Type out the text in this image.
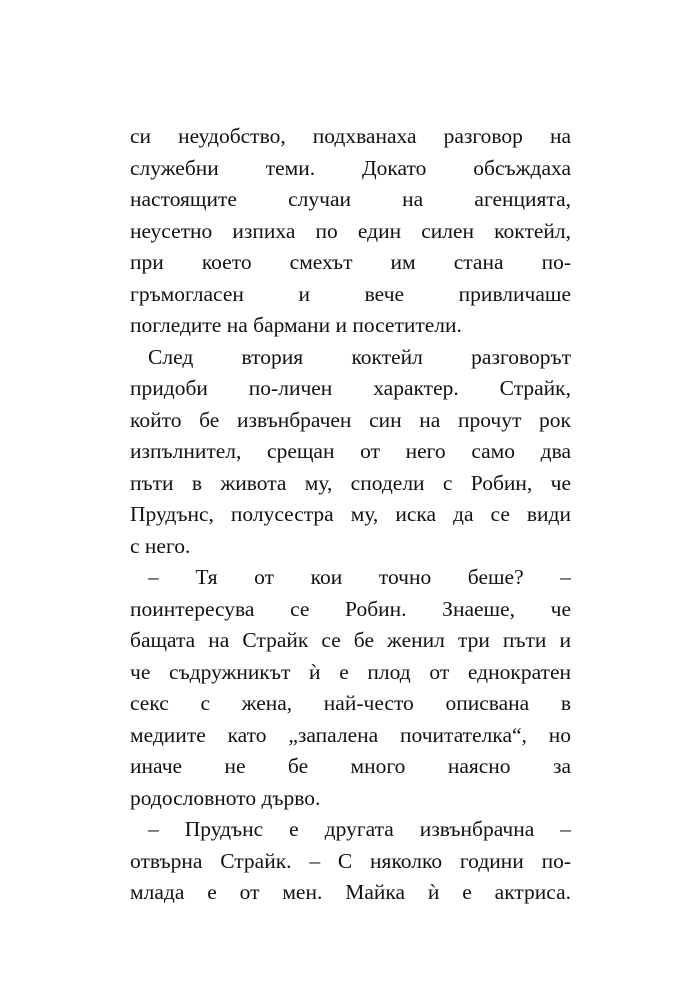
си неудобство, подхванаха разговор на
служебни теми. Докато обсъждаха
настоящите случаи на агенцията,
неусетно изпиха по един силен коктейл,
при което смехът им стана по-
гръмогласен и вече привличаше
погледите на бармани и посетители.
След втория коктейл разговорът
придоби по-личен характер. Страйк,
който бе извънбрачен син на прочут рок
изпълнител, срещан от него само два
пъти в живота му, сподели с Робин, че
Прудънс, полусестра му, иска да се види
с него.
– Тя от кои точно беше? –
поинтересува се Робин. Знаеше, че
бащата на Страйк се бе женил три пъти и
че съдружникът ѝ е плод от еднократен
секс с жена, най-често описвана в
медиите като „запалена почитателка“, но
иначе не бе много наясно за
родословното дърво.
– Прудънс е другата извънбрачна –
отвърна Страйк. – С няколко години по-
млада е от мен. Майка ѝ е актриса.
